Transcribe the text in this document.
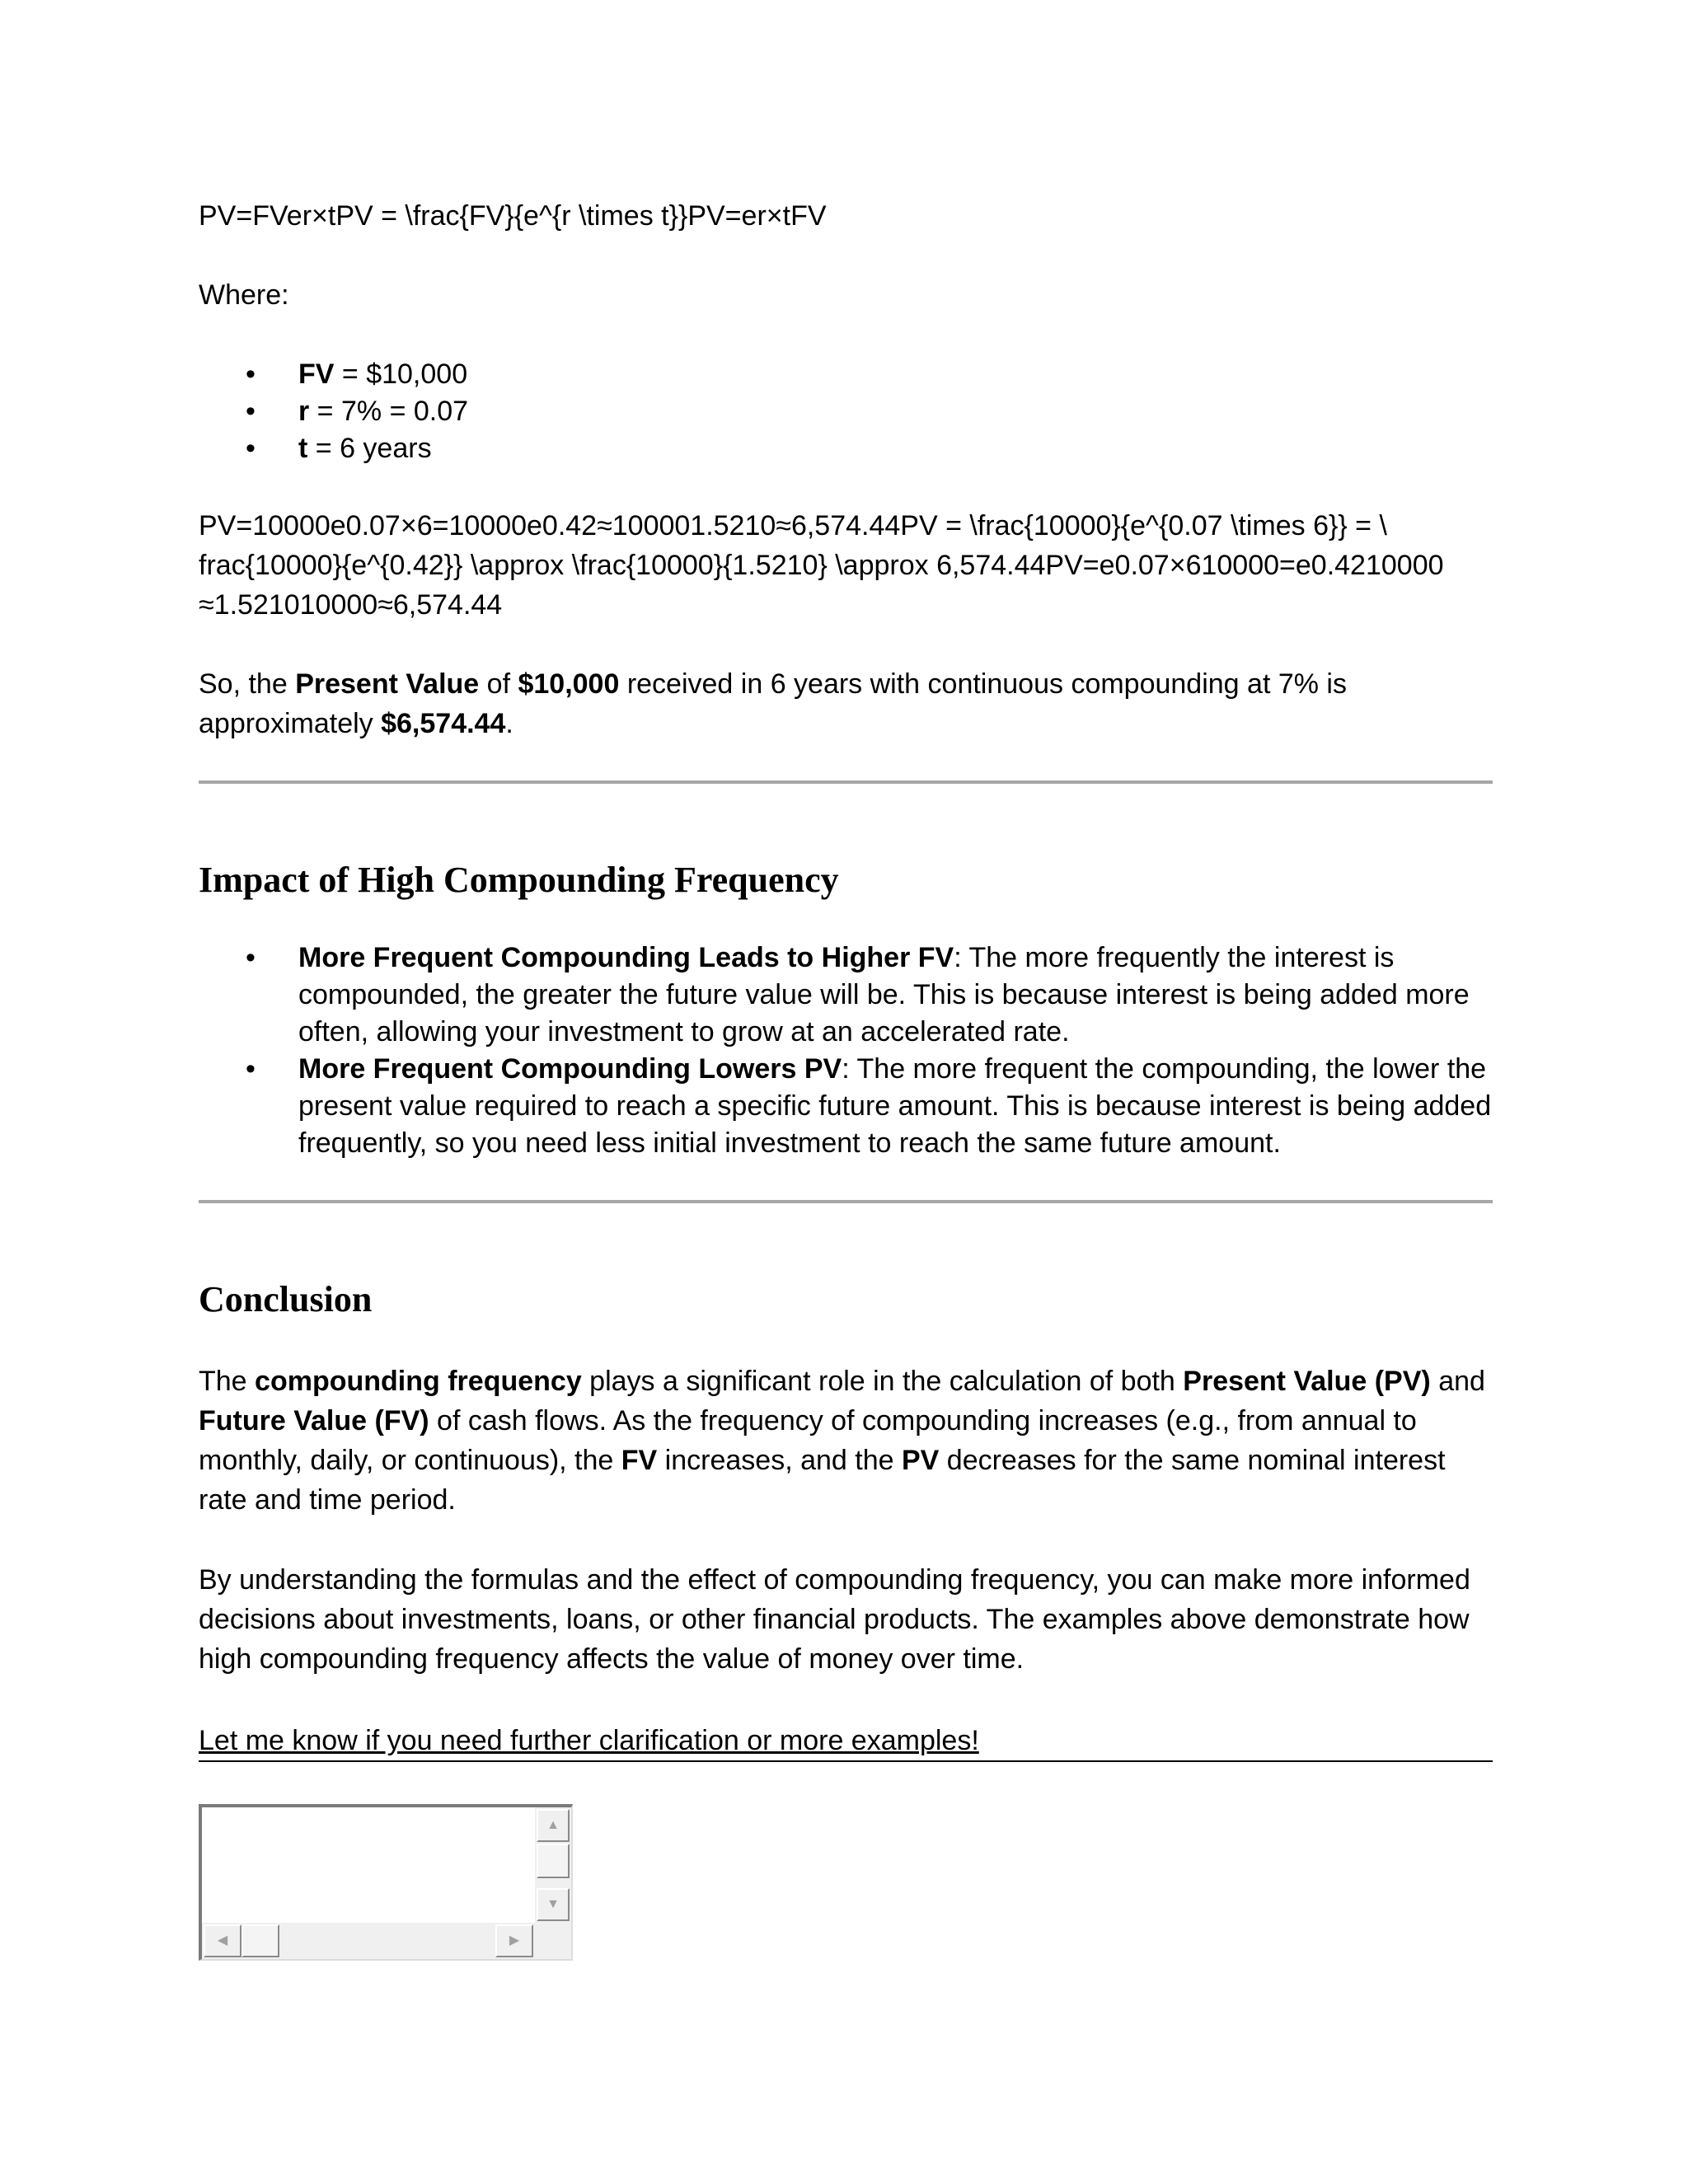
PV=FVer×tPV = \frac{FV}{e^{r \times t}}PV=er×tFV

Where:

• FV = $10,000
• r = 7% = 0.07
• t = 6 years
PV=10000e0.07×6=10000e0.42≈100001.5210≈6,574.44PV = \frac{10000}{e^{0.07 \times 6}} = \
frac{10000}{e^{0.42}} \approx \frac{10000}{1.5210} \approx 6,574.44PV=e0.07×610000=e0.4210000
≈1.521010000≈6,574.44

So, the Present Value of $10,000 received in 6 years with continuous compounding at 7% is approximately $6,574.44.

Impact of High Compounding Frequency
• More Frequent Compounding Leads to Higher FV: The more frequently the interest is compounded, the greater the future value will be. This is because interest is being added more often, allowing your investment to grow at an accelerated rate.
• More Frequent Compounding Lowers PV: The more frequent the compounding, the lower the present value required to reach a specific future amount. This is because interest is being added frequently, so you need less initial investment to reach the same future amount.
Conclusion

The compounding frequency plays a significant role in the calculation of both Present Value (PV) and Future Value (FV) of cash flows. As the frequency of compounding increases (e.g., from annual to monthly, daily, or continuous), the FV increases, and the PV decreases for the same nominal interest rate and time period.

By understanding the formulas and the effect of compounding frequency, you can make more informed decisions about investments, loans, or other financial products. The examples above demonstrate how high compounding frequency affects the value of money over time.

Let me know if you need further clarification or more examples!
▲
▼
◀	▶
